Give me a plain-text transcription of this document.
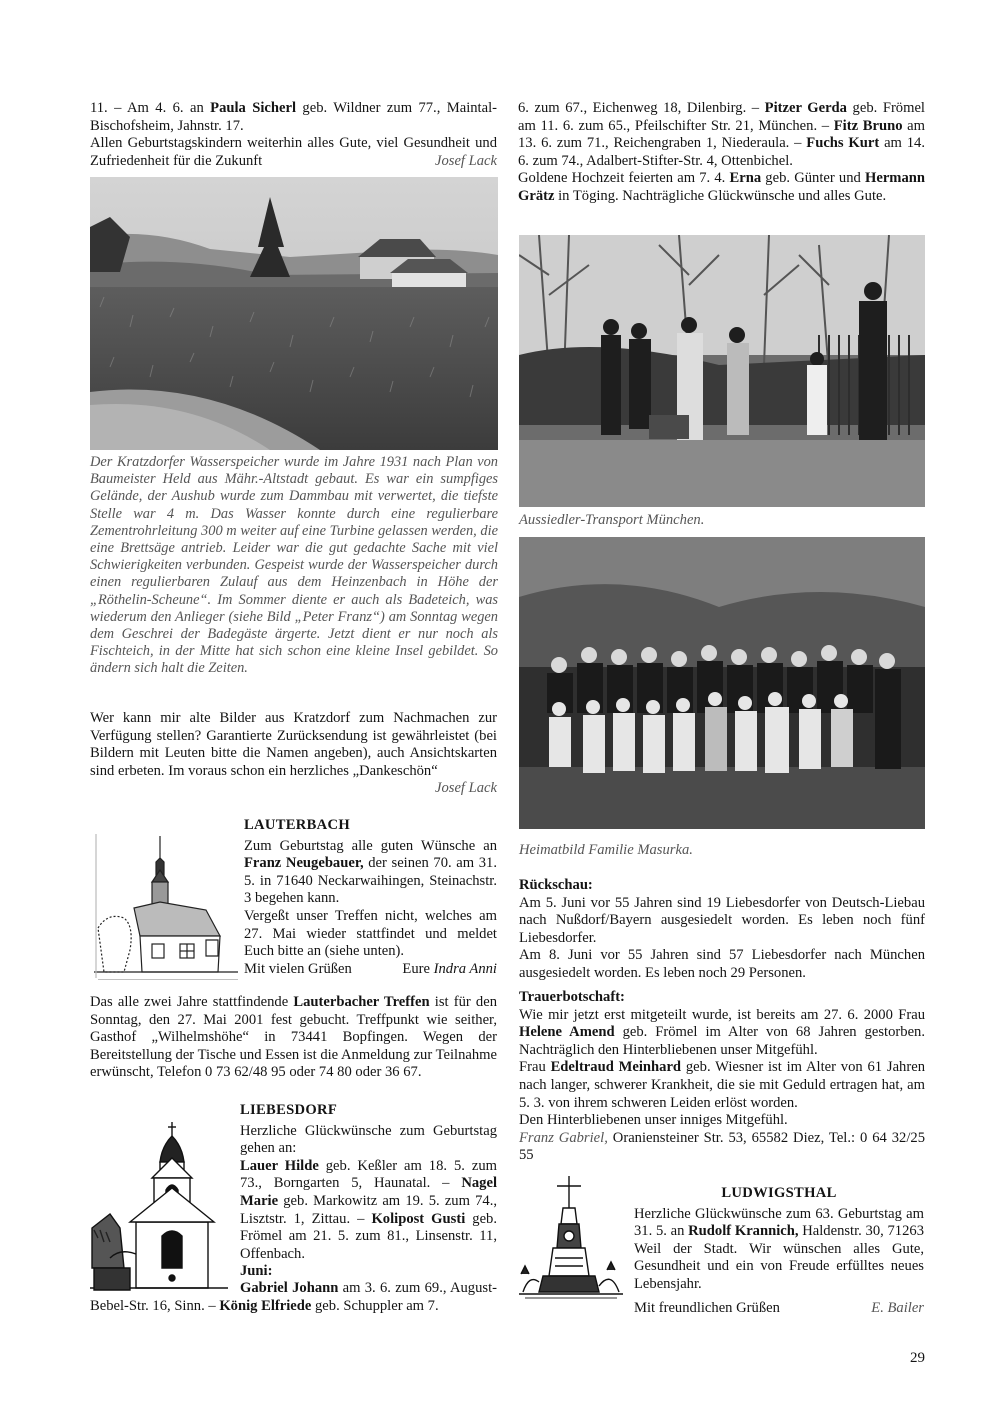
11. – Am 4. 6. an Paula Sicherl geb. Wildner zum 77., Maintal-Bischofsheim, Jahnstr. 17.

Allen Geburtstagskindern weiterhin alles Gute, viel Gesundheit und Zufriedenheit für die Zukunft	Josef Lack

Der Kratzdorfer Wasserspeicher wurde im Jahre 1931 nach Plan von Baumeister Held aus Mähr.-Altstadt gebaut. Es war ein sumpfiges Gelände, der Aushub wurde zum Dammbau mit verwertet, die tiefste Stelle war 4 m. Das Wasser konnte durch eine regulierbare Zementrohrleitung 300 m weiter auf eine Turbine gelassen werden, die eine Brettsäge antrieb. Leider war die gut gedachte Sache mit viel Schwierigkeiten verbunden. Gespeist wurde der Wasserspeicher durch einen regulierbaren Zulauf aus dem Heinzenbach in Höhe der „Röthelin-Scheune“. Im Sommer diente er auch als Badeteich, was wiederum den Anlieger (siehe Bild „Peter Franz“) am Sonntag wegen dem Geschrei der Badegäste ärgerte. Jetzt dient er nur noch als Fischteich, in der Mitte hat sich schon eine kleine Insel gebildet. So ändern sich halt die Zeiten.

Wer kann mir alte Bilder aus Kratzdorf zum Nachmachen zur Verfügung stellen? Garantierte Zurücksendung ist gewährleistet (bei Bildern mit Leuten bitte die Namen angeben), auch Ansichtskarten sind erbeten. Im voraus schon ein herzliches „Dankeschön“
Josef Lack

LAUTERBACH

Zum Geburtstag alle guten Wünsche an Franz Neugebauer, der seinen 70. am 31. 5. in 71640 Neckarwaihingen, Steinachstr. 3 begehen kann.

Vergeßt unser Treffen nicht, welches am 27. Mai wieder stattfindet und meldet Euch bitte an (siehe unten).

Mit vielen Grüßen	Eure Indra Anni

Das alle zwei Jahre stattfindende Lauterbacher Treffen ist für den Sonntag, den 27. Mai 2001 fest gebucht. Treffpunkt wie seither, Gasthof „Wilhelmshöhe“ in 73441 Bopfingen. Wegen der Bereitstellung der Tische und Essen ist die Anmeldung zur Teilnahme erwünscht, Telefon 0 73 62/48 95 oder 74 80 oder 36 67.

LIEBESDORF

Herzliche Glückwünsche zum Geburtstag gehen an:

Lauer Hilde geb. Keßler am 18. 5. zum 73., Borngarten 5, Haunatal. – Nagel Marie geb. Markowitz am 19. 5. zum 74., Lisztstr. 1, Zittau. – Kolipost Gusti geb. Frömel am 21. 5. zum 81., Linsenstr. 11, Offenbach.

Juni:

Gabriel Johann am 3. 6. zum 69., August-Bebel-Str. 16, Sinn. – König Elfriede geb. Schuppler am 7.

6. zum 67., Eichenweg 18, Dilenbirg. – Pitzer Gerda geb. Frömel am 11. 6. zum 65., Pfeilschifter Str. 21, München. – Fitz Bruno am 13. 6. zum 71., Reichengraben 1, Niederaula. – Fuchs Kurt am 14. 6. zum 74., Adalbert-Stifter-Str. 4, Ottenbichel.

Goldene Hochzeit feierten am 7. 4. Erna geb. Günter und Hermann Grätz in Töging. Nachträgliche Glückwünsche und alles Gute.

Aussiedler-Transport München.
Heimatbild Familie Masurka.

Rückschau:

Am 5. Juni vor 55 Jahren sind 19 Liebesdorfer von Deutsch-Liebau nach Nußdorf/Bayern ausgesiedelt worden. Es leben noch fünf Liebesdorfer.

Am 8. Juni vor 55 Jahren sind 57 Liebesdorfer nach München ausgesiedelt worden. Es leben noch 29 Personen.

Trauerbotschaft:

Wie mir jetzt erst mitgeteilt wurde, ist bereits am 27. 6. 2000 Frau Helene Amend geb. Frömel im Alter von 68 Jahren gestorben. Nachträglich den Hinterbliebenen unser Mitgefühl.

Frau Edeltraud Meinhard geb. Wiesner ist im Alter von 61 Jahren nach langer, schwerer Krankheit, die sie mit Geduld ertragen hat, am 5. 3. von ihrem schweren Leiden erlöst worden.

Den Hinterbliebenen unser inniges Mitgefühl.

Franz Gabriel, Oraniensteiner Str. 53, 65582 Diez, Tel.: 0 64 32/25 55

LUDWIGSTHAL

Herzliche Glückwünsche zum 63. Geburtstag am 31. 5. an Rudolf Krannich, Haldenstr. 30, 71263 Weil der Stadt. Wir wünschen alles Gute, Gesundheit und ein von Freude erfülltes neues Lebensjahr.

Mit freundlichen Grüßen	E. Bailer

29
